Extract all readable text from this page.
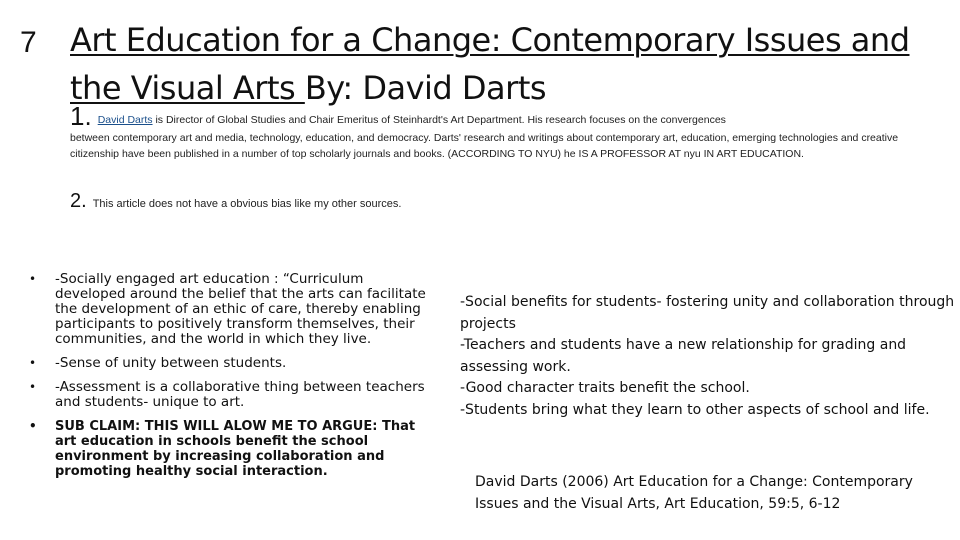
7 Art Education for a Change: Contemporary Issues and the Visual Arts By: David Darts
1. David Darts is Director of Global Studies and Chair Emeritus of Steinhardt's Art Department. His research focuses on the convergences
between contemporary art and media, technology, education, and democracy. Darts' research and writings about contemporary art, education, emerging technologies and creative citizenship have been published in a number of top scholarly journals and books. (ACCORDING TO NYU) he IS A PROFESSOR AT nyu IN ART EDUCATION.
2. This article does not have a obvious bias like my other sources.
• -Socially engaged art education : “Curriculum developed around the belief that the arts can facilitate the development of an ethic of care, thereby enabling participants to positively transform themselves, their communities, and the world in which they live.
• -Sense of unity between students.
• -Assessment is a collaborative thing between teachers and students- unique to art.
• SUB CLAIM: THIS WILL ALOW ME TO ARGUE: That art education in schools benefit the school environment by increasing collaboration and promoting healthy social interaction.
-Social benefits for students- fostering unity and collaboration through projects
-Teachers and students have a new relationship for grading and assessing work.
-Good character traits benefit the school.
-Students bring what they learn to other aspects of school and life.
David Darts (2006) Art Education for a Change: Contemporary Issues and the Visual Arts, Art Education, 59:5, 6-12
